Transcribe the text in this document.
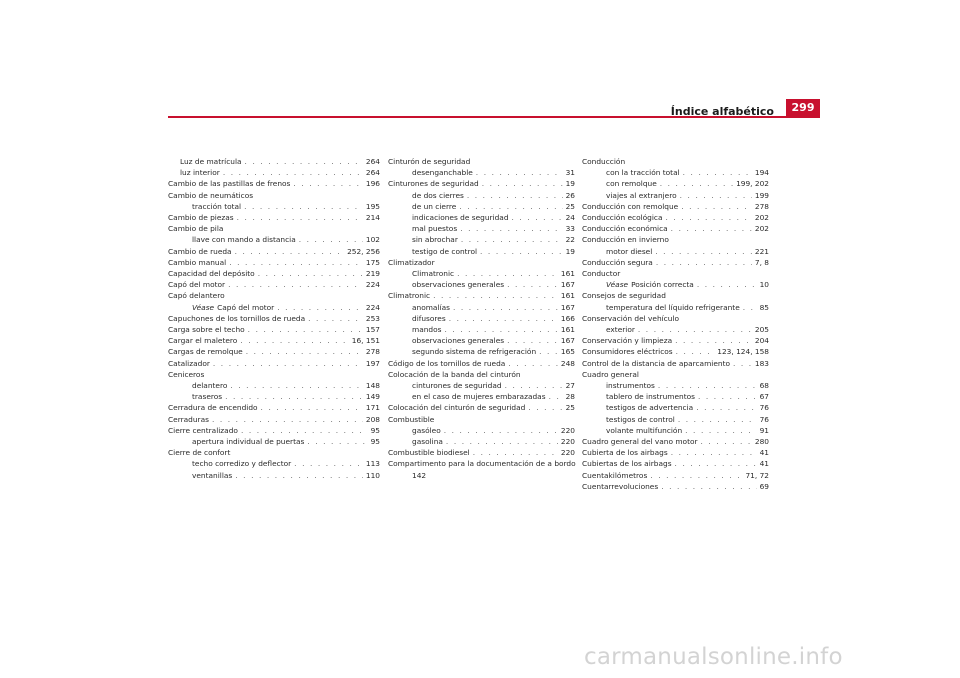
Índice alfabético	299
Luz de matrícula . . .	264
luz interior . . .	264
Cambio de las pastillas de frenos . . .	196
Cambio de neumáticos
tracción total . . .	195
Cambio de piezas . . .	214
Cambio de pila
llave con mando a distancia . . .	102
Cambio de rueda . . .	252, 256
Cambio manual . . .	175
Capacidad del depósito . . .	219
Capó del motor . . .	224
Capó delantero
Véase Capó del motor . . .	224
Capuchones de los tornillos de rueda . . .	253
Carga sobre el techo . . .	157
Cargar el maletero . . .	16, 151
Cargas de remolque . . .	278
Catalizador . . .	197
Ceniceros
delantero . . .	148
traseros . . .	149
Cerradura de encendido . . .	171
Cerraduras . . .	208
Cierre centralizado . . .	95
apertura individual de puertas . . .	95
Cierre de confort
techo corredizo y deflector . . .	113
ventanillas . . .	110
Cinturón de seguridad
desenganchable . . .	31
Cinturones de seguridad . . .	19
de dos cierres . . .	26
de un cierre . . .	25
indicaciones de seguridad . . .	24
mal puestos . . .	33
sin abrochar . . .	22
testigo de control . . .	19
Climatizador
Climatronic . . .	161
observaciones generales . . .	167
Climatronic . . .	161
anomalías . . .	167
difusores . . .	166
mandos . . .	161
observaciones generales . . .	167
segundo sistema de refrigeración . . .	165
Código de los tornillos de rueda . . .	248
Colocación de la banda del cinturón
cinturones de seguridad . . .	27
en el caso de mujeres embarazadas . . .	28
Colocación del cinturón de seguridad . . .	25
Combustible
gasóleo . . .	220
gasolina . . .	220
Combustible biodiesel . . .	220
Compartimento para la documentación de a bordo
142
Conducción
con la tracción total . . .	194
con remolque . . .	199, 202
viajes al extranjero . . .	199
Conducción con remolque . . .	278
Conducción ecológica . . .	202
Conducción económica . . .	202
Conducción en invierno
motor diesel . . .	221
Conducción segura . . .	7, 8
Conductor
Véase Posición correcta . . .	10
Consejos de seguridad
temperatura del líquido refrigerante . . .	85
Conservación del vehículo
exterior . . .	205
Conservación y limpieza . . .	204
Consumidores eléctricos . . .	123, 124, 158
Control de la distancia de aparcamiento . . .	183
Cuadro general
instrumentos . . .	68
tablero de instrumentos . . .	67
testigos de advertencia . . .	76
testigos de control . . .	76
volante multifunción . . .	91
Cuadro general del vano motor . . .	280
Cubierta de los airbags . . .	41
Cubiertas de los airbags . . .	41
Cuentakilómetros . . .	71, 72
Cuentarrevoluciones . . .	69
carmanualsonline.info
